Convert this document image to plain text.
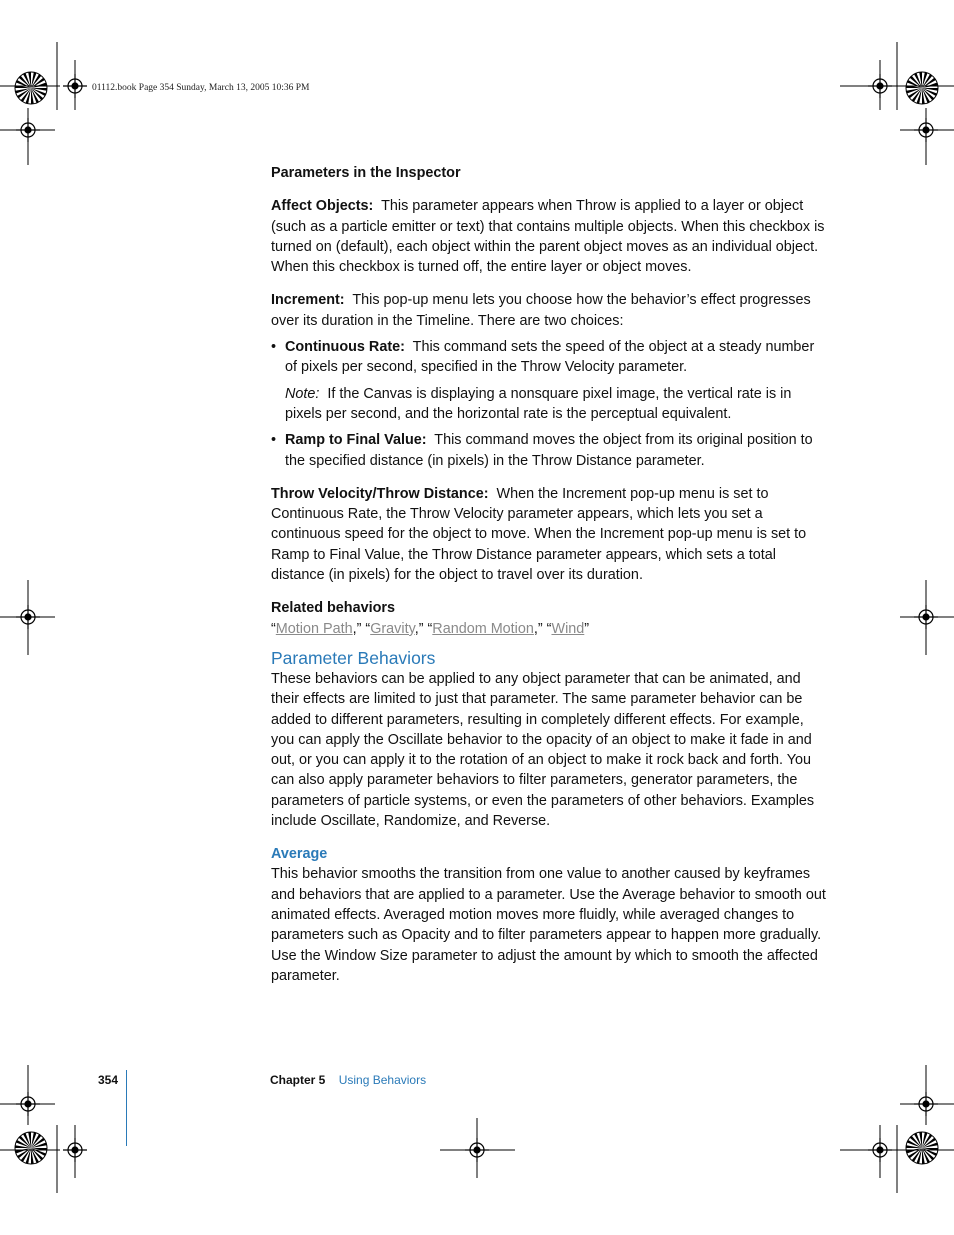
01112.book Page 354 Sunday, March 13, 2005 10:36 PM

Parameters in the Inspector

Affect Objects: This parameter appears when Throw is applied to a layer or object (such as a particle emitter or text) that contains multiple objects. When this checkbox is turned on (default), each object within the parent object moves as an individual object. When this checkbox is turned off, the entire layer or object moves.

Increment: This pop-up menu lets you choose how the behavior’s effect progresses over its duration in the Timeline. There are two choices:

• Continuous Rate: This command sets the speed of the object at a steady number of pixels per second, specified in the Throw Velocity parameter.

Note: If the Canvas is displaying a nonsquare pixel image, the vertical rate is in pixels per second, and the horizontal rate is the perceptual equivalent.

• Ramp to Final Value: This command moves the object from its original position to the specified distance (in pixels) in the Throw Distance parameter.

Throw Velocity/Throw Distance: When the Increment pop-up menu is set to Continuous Rate, the Throw Velocity parameter appears, which lets you set a continuous speed for the object to move. When the Increment pop-up menu is set to Ramp to Final Value, the Throw Distance parameter appears, which sets a total distance (in pixels) for the object to travel over its duration.

Related behaviors

“Motion Path,” “Gravity,” “Random Motion,” “Wind”

Parameter Behaviors

These behaviors can be applied to any object parameter that can be animated, and their effects are limited to just that parameter. The same parameter behavior can be added to different parameters, resulting in completely different effects. For example, you can apply the Oscillate behavior to the opacity of an object to make it fade in and out, or you can apply it to the rotation of an object to make it rock back and forth. You can also apply parameter behaviors to filter parameters, generator parameters, the parameters of particle systems, or even the parameters of other behaviors. Examples include Oscillate, Randomize, and Reverse.

Average

This behavior smooths the transition from one value to another caused by keyframes and behaviors that are applied to a parameter. Use the Average behavior to smooth out animated effects. Averaged motion moves more fluidly, while averaged changes to parameters such as Opacity and to filter parameters appear to happen more gradually. Use the Window Size parameter to adjust the amount by which to smooth the affected parameter.

354	Chapter 5 Using Behaviors
